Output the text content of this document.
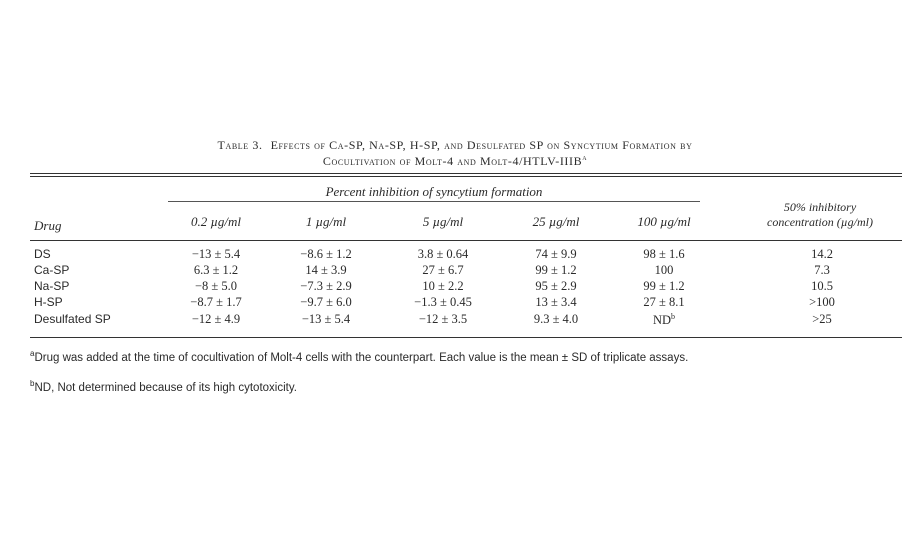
Table 3. Effects of Ca-SP, Na-SP, H-SP, and Desulfated SP on Syncytium Formation by
Cocultivation of Molt-4 and Molt-4/HTLV-IIIB$^a$
Percent inhibition of syncytium formation
Drug	0.2 µg/ml	1 µg/ml	5 µg/ml	25 µg/ml	100 µg/ml
50% inhibitory
concentration (µg/ml)
DS	−13 ± 5.4	−8.6 ± 1.2	3.8 ± 0.64	74 ± 9.9	98 ± 1.6	14.2
Ca-SP	6.3 ± 1.2	14 ± 3.9	27 ± 6.7	99 ± 1.2	100	7.3
Na-SP	−8 ± 5.0	−7.3 ± 2.9	10 ± 2.2	95 ± 2.9	99 ± 1.2	10.5
H-SP	−8.7 ± 1.7	−9.7 ± 6.0	−1.3 ± 0.45	13 ± 3.4	27 ± 8.1	>100
Desulfated SP	−12 ± 4.9	−13 ± 5.4	−12 ± 3.5	9.3 ± 4.0	$ND^b$	>25
$^a$Drug was added at the time of cocultivation of Molt-4 cells with the counterpart. Each value is the mean ± SD of triplicate assays.
$^b$ND, Not determined because of its high cytotoxicity.
